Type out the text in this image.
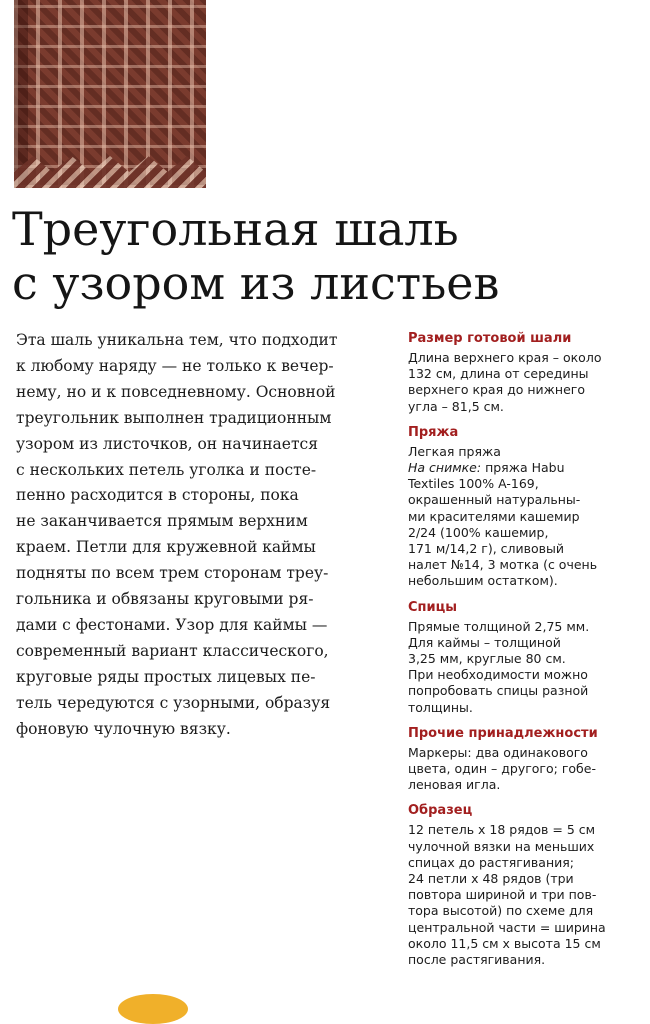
Треугольная шаль
с узором из листьев
Эта шаль уникальна тем, что подходит
к любому наряду — не только к вечер-
нему, но и к повседневному. Основной
треугольник выполнен традиционным
узором из листочков, он начинается
с нескольких петель уголка и посте-
пенно расходится в стороны, пока
не заканчивается прямым верхним
краем. Петли для кружевной каймы
подняты по всем трем сторонам треу-
гольника и обвязаны круговыми ря-
дами с фестонами. Узор для каймы —
современный вариант классического,
круговые ряды простых лицевых пе-
тель чередуются с узорными, образуя
фоновую чулочную вязку.
Размер готовой шали
Длина верхнего края – около
132 см, длина от середины
верхнего края до нижнего
угла – 81,5 см.
Пряжа
Легкая пряжа
На снимке: пряжа Habu
Textiles 100% A-169,
окрашенный натуральны-
ми красителями кашемир
2/24 (100% кашемир,
171 м/14,2 г), сливовый
налет №14, 3 мотка (с очень
небольшим остатком).
Спицы
Прямые толщиной 2,75 мм.
Для каймы – толщиной
3,25 мм, круглые 80 см.
При необходимости можно
попробовать спицы разной
толщины.
Прочие принадлежности
Маркеры: два одинакового
цвета, один – другого; гобе-
леновая игла.
Образец
12 петель х 18 рядов = 5 см
чулочной вязки на меньших
спицах до растягивания;
24 петли х 48 рядов (три
повтора шириной и три пов-
тора высотой) по схеме для
центральной части = ширина
около 11,5 см х высота 15 см
после растягивания.
